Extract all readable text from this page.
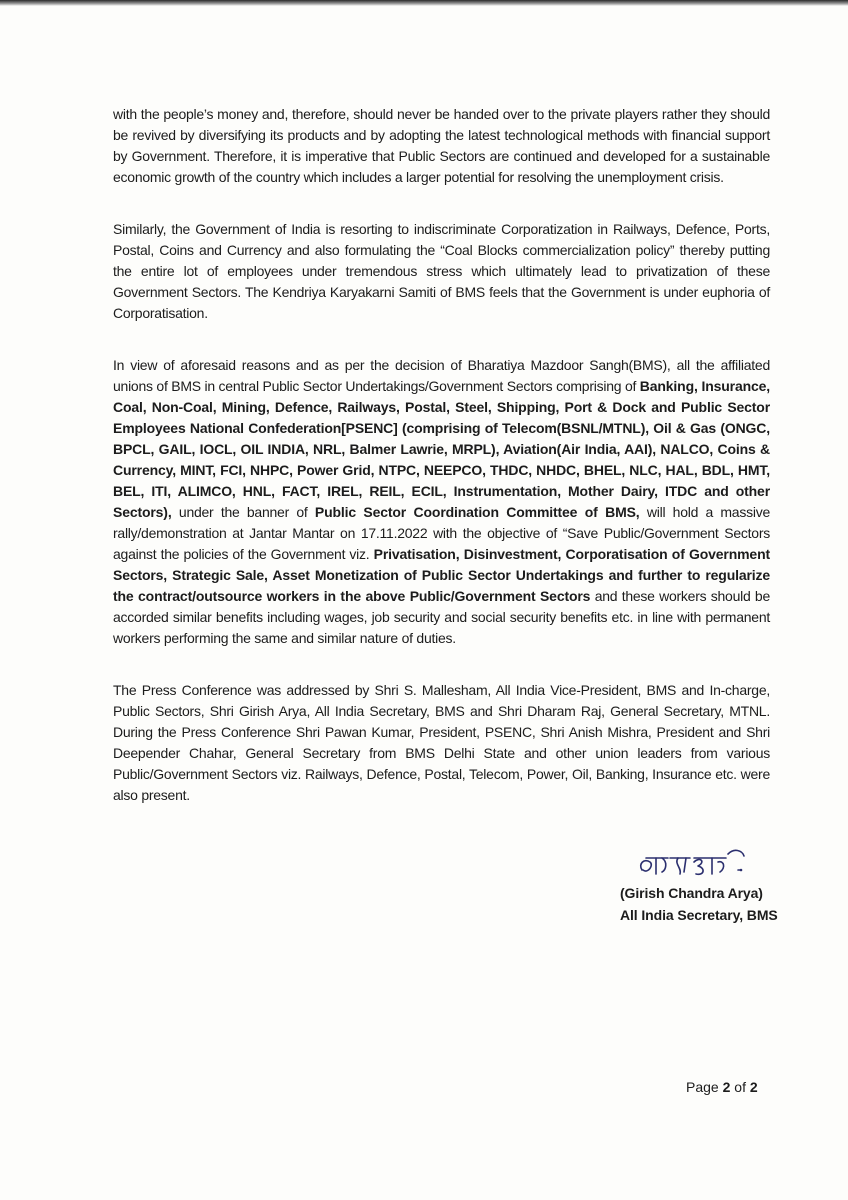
with the people’s money and, therefore, should never be handed over to the private players rather they should be revived by diversifying its products and by adopting the latest technological methods with financial support by Government. Therefore, it is imperative that Public Sectors are continued and developed for a sustainable economic growth of the country which includes a larger potential for resolving the unemployment crisis.

Similarly, the Government of India is resorting to indiscriminate Corporatization in Railways, Defence, Ports, Postal, Coins and Currency and also formulating the “Coal Blocks commercialization policy” thereby putting the entire lot of employees under tremendous stress which ultimately lead to privatization of these Government Sectors. The Kendriya Karyakarni Samiti of BMS feels that the Government is under euphoria of Corporatisation.

In view of aforesaid reasons and as per the decision of Bharatiya Mazdoor Sangh(BMS), all the affiliated unions of BMS in central Public Sector Undertakings/Government Sectors comprising of Banking, Insurance, Coal, Non-Coal, Mining, Defence, Railways, Postal, Steel, Shipping, Port & Dock and Public Sector Employees National Confederation[PSENC] (comprising of Telecom(BSNL/MTNL), Oil & Gas (ONGC, BPCL, GAIL, IOCL, OIL INDIA, NRL, Balmer Lawrie, MRPL), Aviation(Air India, AAI), NALCO, Coins & Currency, MINT, FCI, NHPC, Power Grid, NTPC, NEEPCO, THDC, NHDC, BHEL, NLC, HAL, BDL, HMT, BEL, ITI, ALIMCO, HNL, FACT, IREL, REIL, ECIL, Instrumentation, Mother Dairy, ITDC and other Sectors), under the banner of Public Sector Coordination Committee of BMS, will hold a massive rally/demonstration at Jantar Mantar on 17.11.2022 with the objective of “Save Public/Government Sectors against the policies of the Government viz. Privatisation, Disinvestment, Corporatisation of Government Sectors, Strategic Sale, Asset Monetization of Public Sector Undertakings and further to regularize the contract/outsource workers in the above Public/Government Sectors and these workers should be accorded similar benefits including wages, job security and social security benefits etc. in line with permanent workers performing the same and similar nature of duties.

The Press Conference was addressed by Shri S. Mallesham, All India Vice-President, BMS and In-charge, Public Sectors, Shri Girish Arya, All India Secretary, BMS and Shri Dharam Raj, General Secretary, MTNL. During the Press Conference Shri Pawan Kumar, President, PSENC, Shri Anish Mishra, President and Shri Deepender Chahar, General Secretary from BMS Delhi State and other union leaders from various Public/Government Sectors viz. Railways, Defence, Postal, Telecom, Power, Oil, Banking, Insurance etc. were also present.

(Girish Chandra Arya)
All India Secretary, BMS
Page 2 of 2
